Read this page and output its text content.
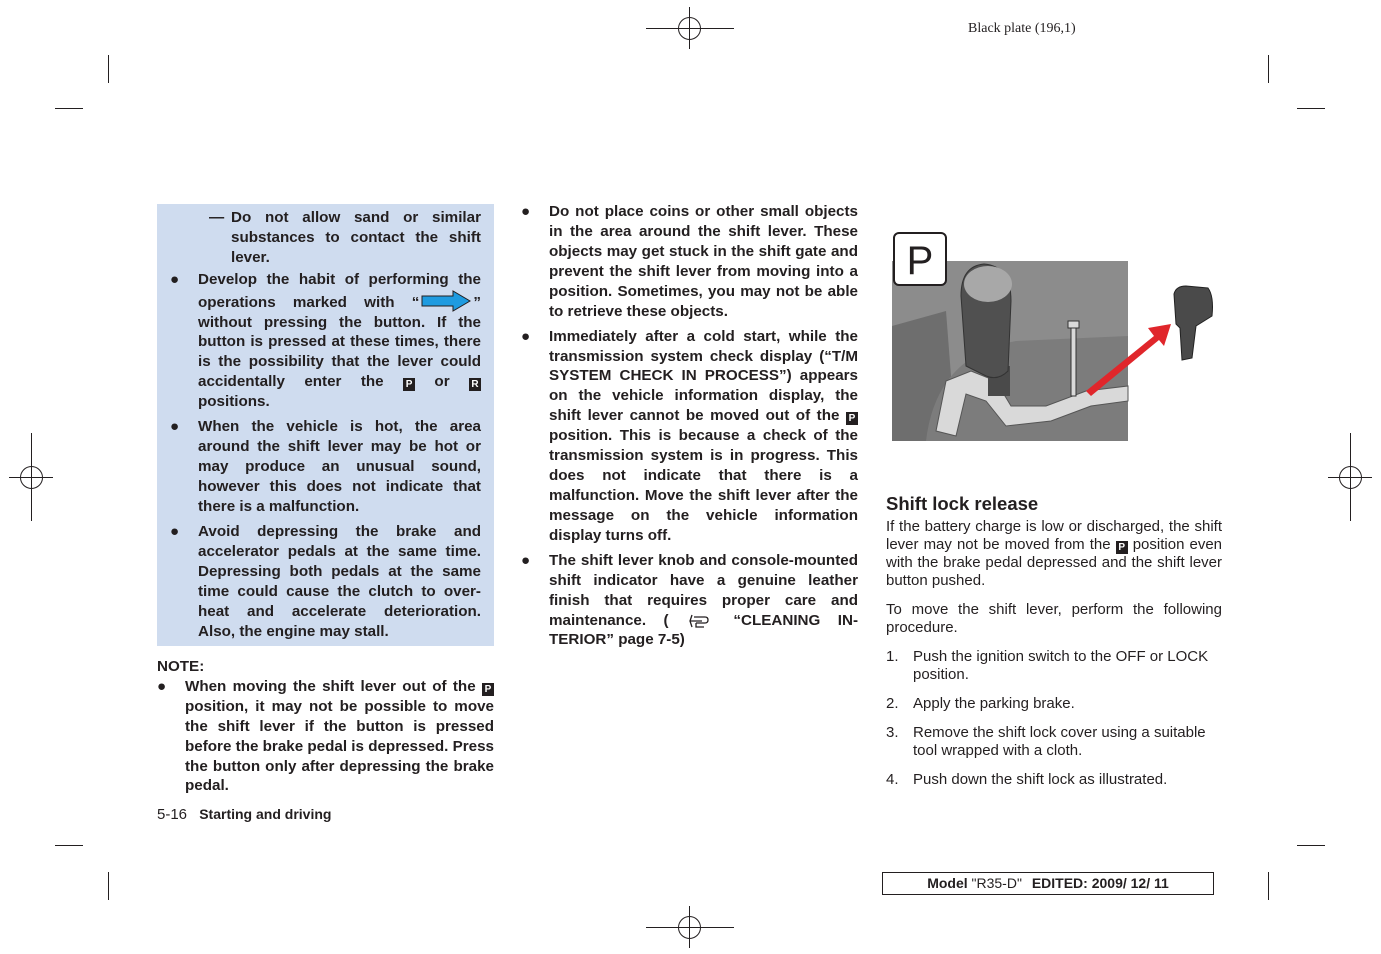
Black plate (196,1)
— Do not allow sand or similar substances to contact the shift lever.
● Develop the habit of performing the operations marked with “	” without pressing the button. If the button is pressed at these times, there is the possibility that the lever could accidentally enter the P or R positions.
● When the vehicle is hot, the area around the shift lever may be hot or may produce an unusual sound, however this does not indicate that there is a malfunction.
● Avoid depressing the brake and accelerator pedals at the same time. Depressing both pedals at the same time could cause the clutch to over-heat and accelerate deterioration. Also, the engine may stall.
NOTE:
● When moving the shift lever out of the P position, it may not be possible to move the shift lever if the button is pressed before the brake pedal is depressed. Press the button only after depressing the brake pedal.
● Do not place coins or other small objects in the area around the shift lever. These objects may get stuck in the shift gate and prevent the shift lever from moving into a position. Sometimes, you may not be able to retrieve these objects.
● Immediately after a cold start, while the transmission system check display (“T/M SYSTEM CHECK IN PROCESS”) appears on the vehicle information display, the shift lever cannot be moved out of the P position. This is because a check of the transmission system is in progress. This does not indicate that there is a malfunction. Move the shift lever after the message on the vehicle information display turns off.
● The shift lever knob and console-mounted shift indicator have a genuine leather finish that requires proper care and maintenance. (	“CLEANING IN-TERIOR” page 7-5)
P
Shift lock release

If the battery charge is low or discharged, the shift lever may not be moved from the P position even with the brake pedal depressed and the shift lever button pushed.

To move the shift lever, perform the following procedure.

1. Push the ignition switch to the OFF or LOCK position.
2. Apply the parking brake.
3. Remove the shift lock cover using a suitable tool wrapped with a cloth.
4. Push down the shift lock as illustrated.
5-16 Starting and driving
Model "R35-D" EDITED: 2009/ 12/ 11
